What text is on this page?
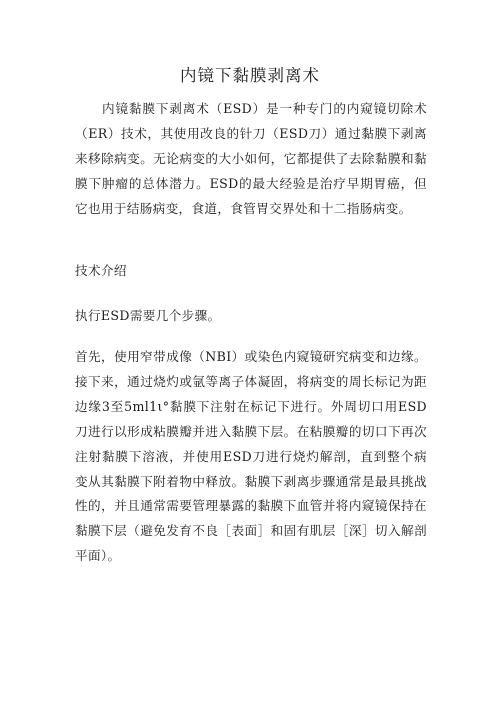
内镜下黏膜剥离术
内镜黏膜下剥离术（ESD）是一种专门的内窥镜切除术（ER）技术，其使用改良的针刀（ESD刀）通过黏膜下剥离来移除病变。无论病变的大小如何，它都提供了去除黏膜和黏膜下肿瘤的总体潜力。ESD的最大经验是治疗早期胃癌，但它也用于结肠病变，食道，食管胃交界处和十二指肠病变。
技术介绍
执行ESD需要几个步骤。
首先，使用窄带成像（NBI）或染色内窥镜研究病变和边缘。接下来，通过烧灼或氩等离子体凝固，将病变的周长标记为距边缘3至5ml1ι°黏膜下注射在标记下进行。外周切口用ESD刀进行以形成粘膜瓣并进入黏膜下层。在粘膜瓣的切口下再次注射黏膜下溶液，并使用ESD刀进行烧灼解剖，直到整个病变从其黏膜下附着物中释放。黏膜下剥离步骤通常是最具挑战性的，并且通常需要管理暴露的黏膜下血管并将内窥镜保持在黏膜下层（避免发育不良［表面］和固有肌层［深］切入解剖平面）。
